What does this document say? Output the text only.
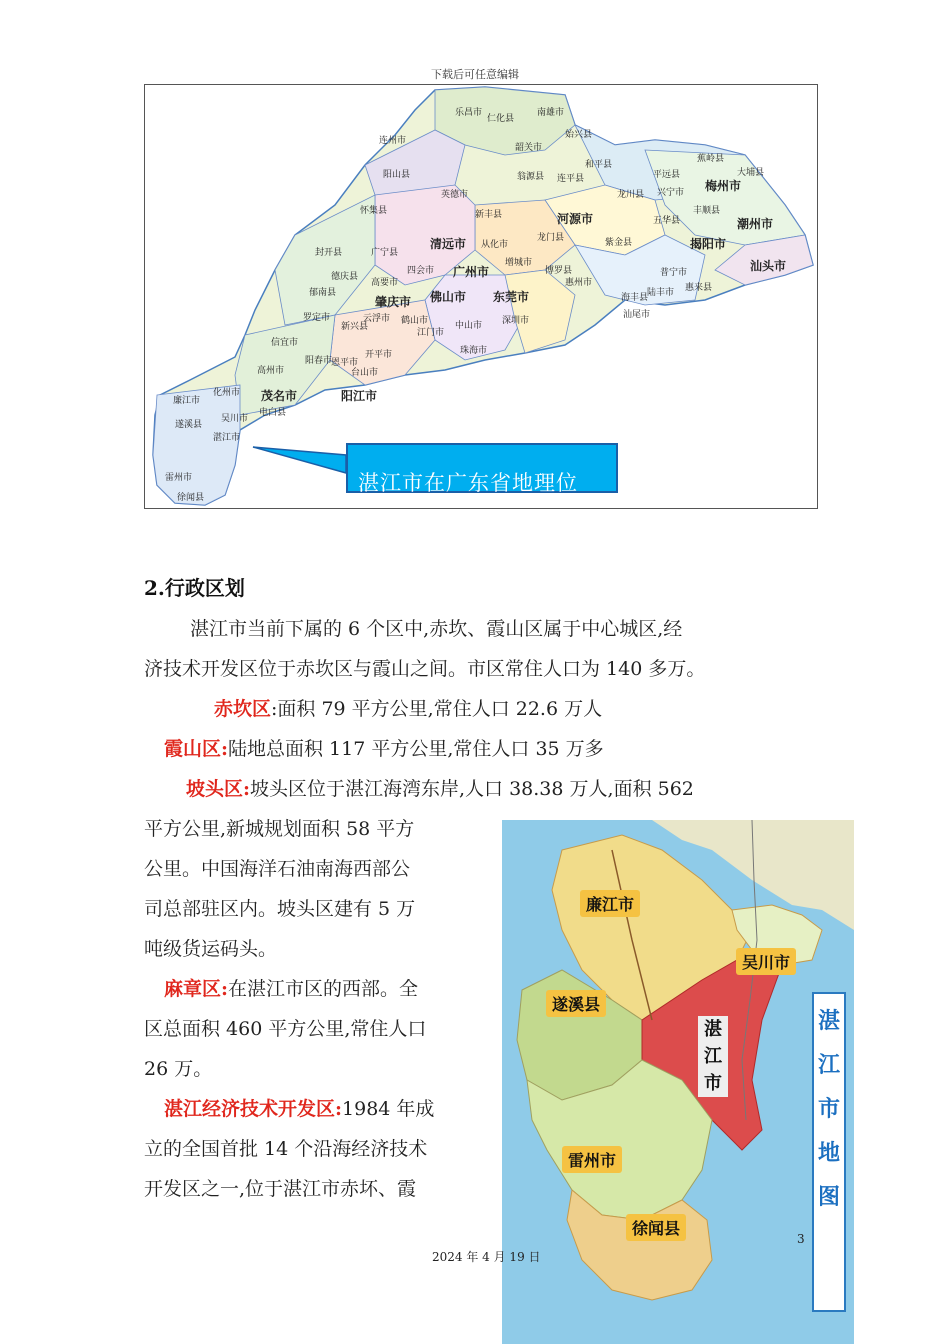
下载后可任意编辑
韶关市
清远市
广州市
肇庆市 佛山市 东莞市
惠州市
河源市
梅州市
潮州市
揭阳市
汕头市
汕尾市
深圳市
中山市
江门市
珠海市
云浮市
阳江市
茂名市
湛江市
徐闻县
廉江市
吴川市
雷州市
化州市
高州市
信宜市
罗定市
封开县
怀集县
英德市
连州市
阳山县
乐昌市	南雄市
始兴县
仁化县
龙川县
五华县
兴宁市
平远县
蕉岭县
大埔县
丰顺县
普宁市
惠来县
陆丰市
海丰县
博罗县
龙门县
从化市
增城市
新丰县
翁源县 连平县
和平县
紫金县
台山市
开平市
恩平市
阳春市
新兴县
郁南县
德庆县
广宁县
四会市
高要市
鹤山市
电白县
遂溪县
湛江市在广东省地理位
2.行政区划
湛江市当前下属的 6 个区中,赤坎、霞山区属于中心城区,经
济技术开发区位于赤坎区与霞山之间。市区常住人口为 140 多万。
赤坎区:面积 79 平方公里,常住人口 22.6 万人
霞山区:陆地总面积 117 平方公里,常住人口 35 万多
坡头区:坡头区位于湛江海湾东岸,人口 38.38 万人,面积 562
平方公里,新城规划面积 58 平方
公里。中国海洋石油南海西部公
司总部驻区内。坡头区建有 5 万
吨级货运码头。
麻章区:在湛江市区的西部。全
区总面积 460 平方公里,常住人口
26 万。
湛江经济技术开发区:1984 年成
立的全国首批 14 个沿海经济技术
开发区之一,位于湛江市赤坏、霞
廉江市
吴川市
遂溪县
湛江市
雷州市
徐闻县
湛江市地图
3
2024 年 4 月 19 日
